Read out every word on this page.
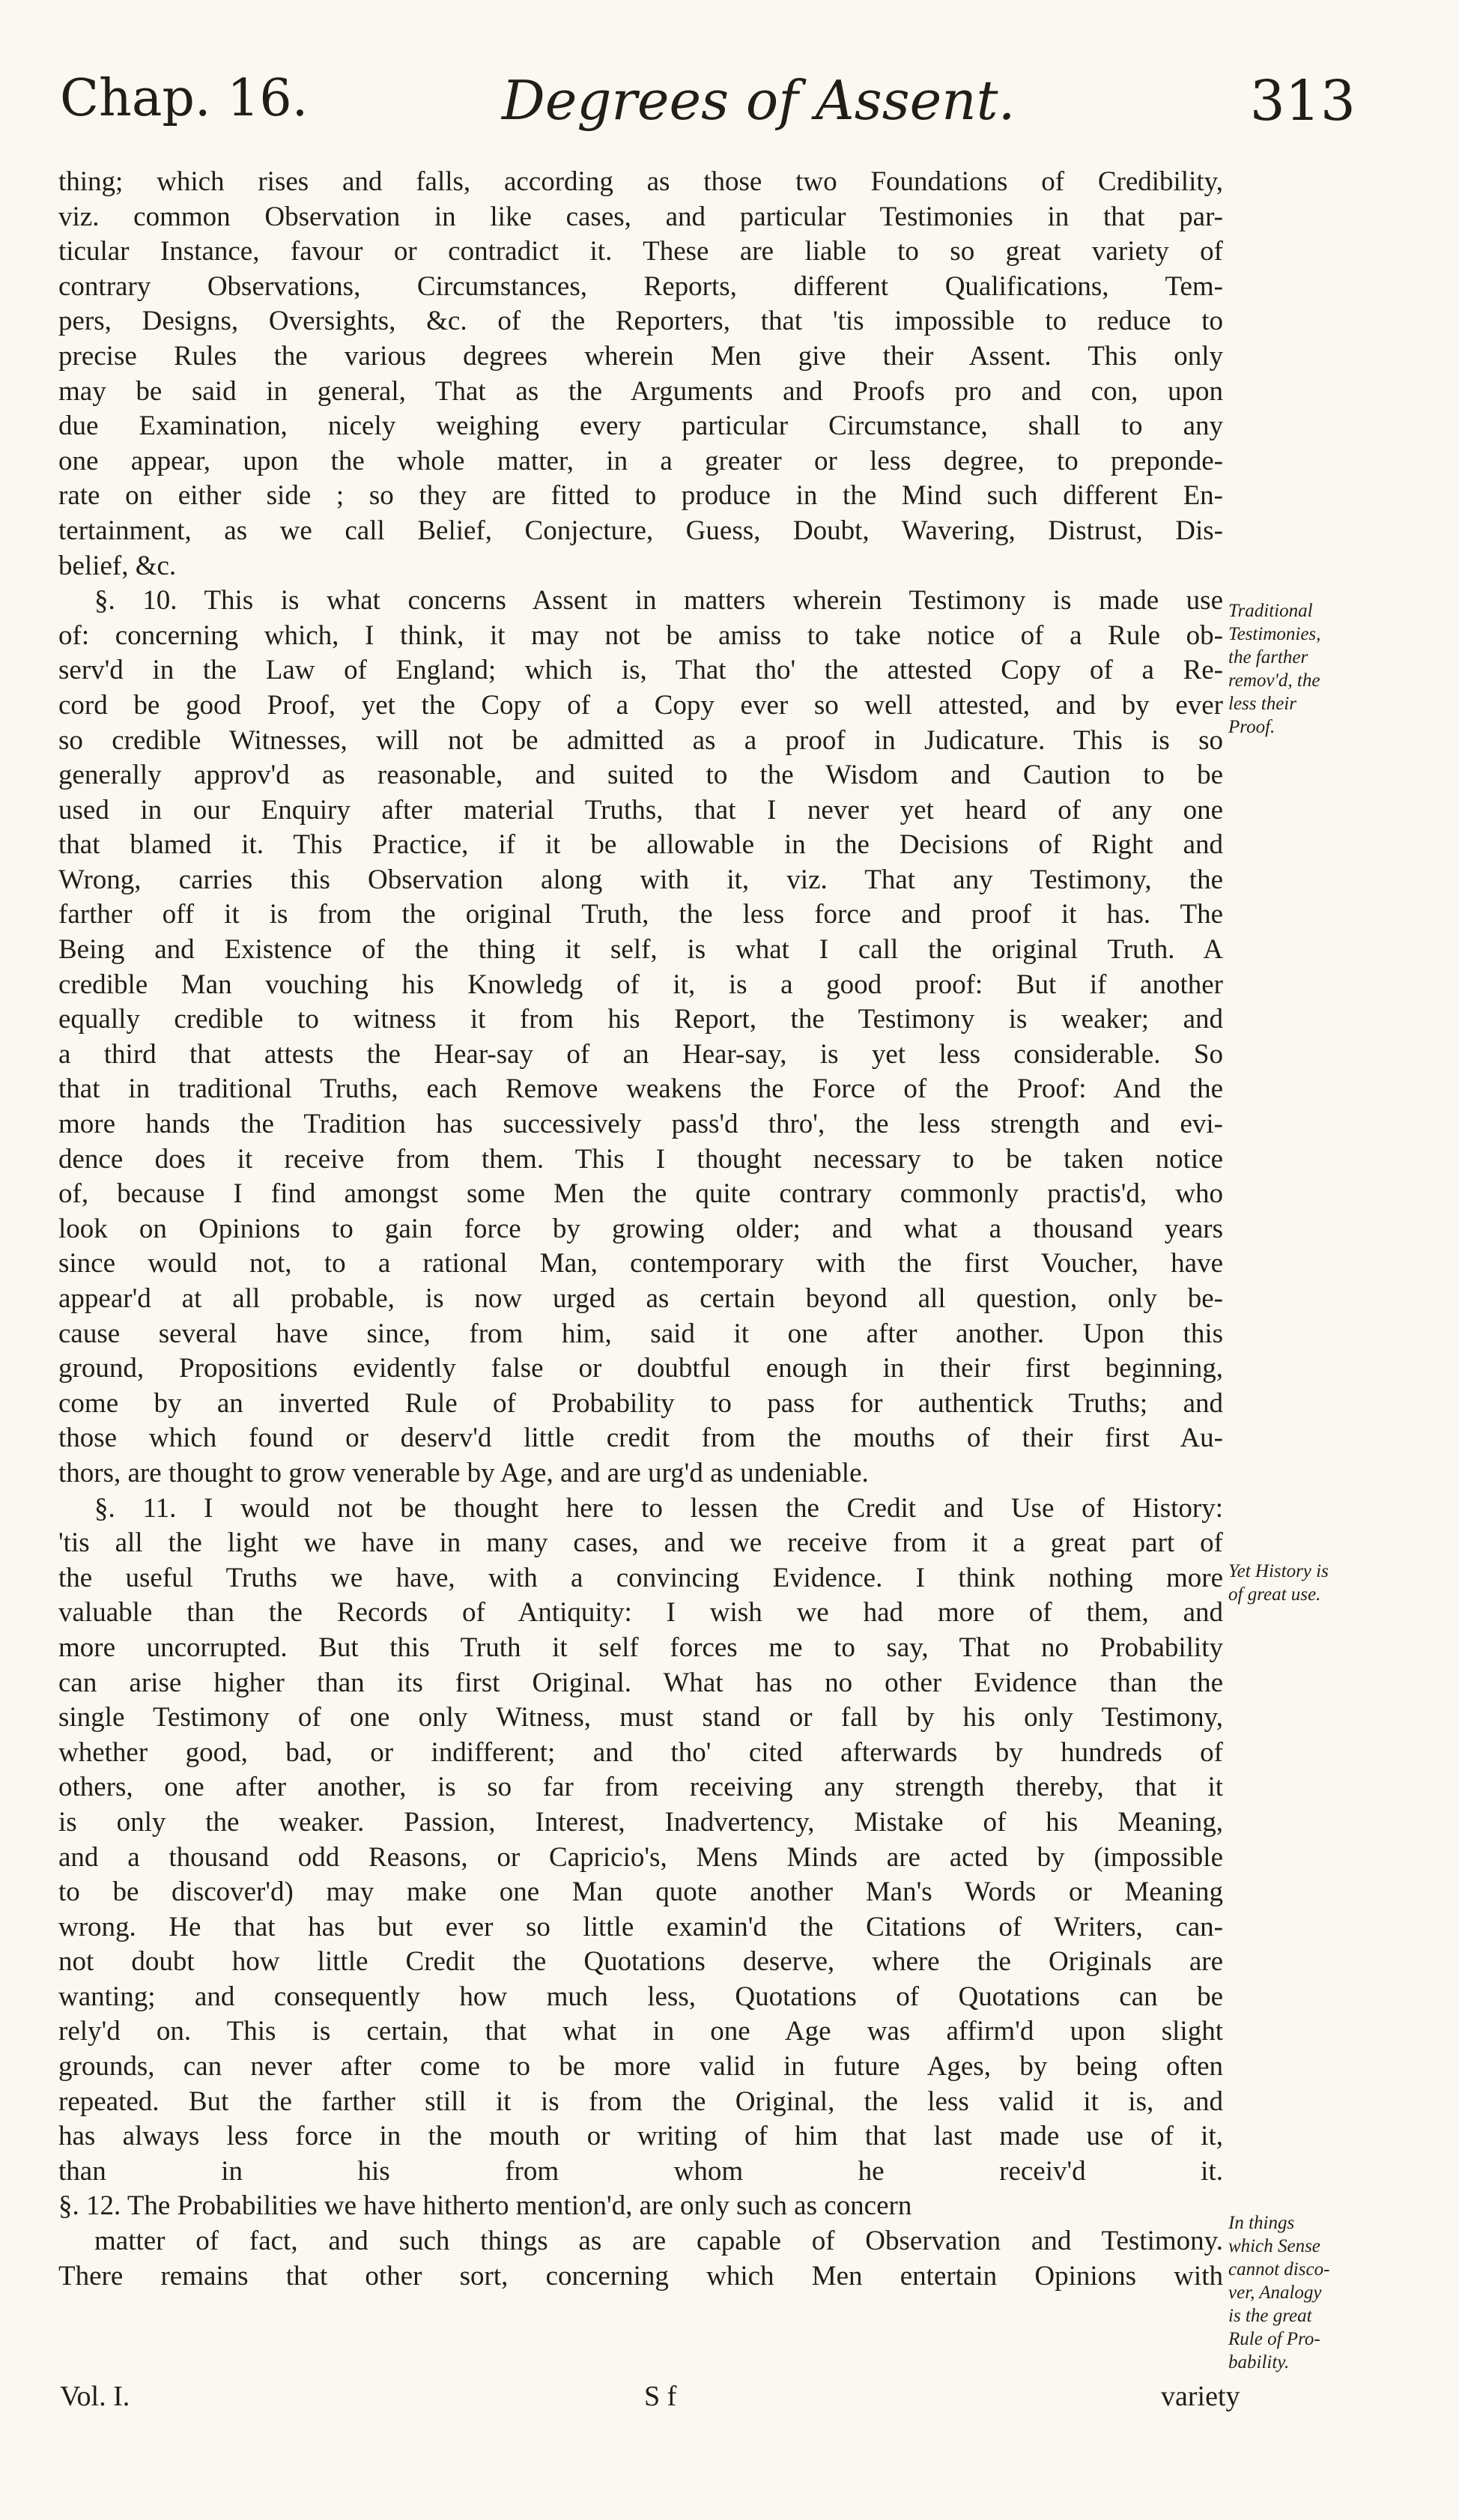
Chap. 16.	Degrees of Assent.	313
thing; which rises and falls, according as those two Foundations of Credibility,
viz. common Observation in like cases, and particular Testimonies in that par-
ticular Instance, favour or contradict it. These are liable to so great variety of
contrary Observations, Circumstances, Reports, different Qualifications, Tem-
pers, Designs, Oversights, &c. of the Reporters, that 'tis impossible to reduce to
precise Rules the various degrees wherein Men give their Assent. This only
may be said in general, That as the Arguments and Proofs pro and con, upon
due Examination, nicely weighing every particular Circumstance, shall to any
one appear, upon the whole matter, in a greater or less degree, to preponde-
rate on either side ; so they are fitted to produce in the Mind such different En-
tertainment, as we call Belief, Conjecture, Guess, Doubt, Wavering, Distrust, Dis-
belief, &c.
§. 10. This is what concerns Assent in matters wherein Testimony is made use
of: concerning which, I think, it may not be amiss to take notice of a Rule ob-
serv'd in the Law of England; which is, That tho' the attested Copy of a Re-
cord be good Proof, yet the Copy of a Copy ever so well attested, and by ever
so credible Witnesses, will not be admitted as a proof in Judicature. This is so
generally approv'd as reasonable, and suited to the Wisdom and Caution to be
used in our Enquiry after material Truths, that I never yet heard of any one
that blamed it. This Practice, if it be allowable in the Decisions of Right and
Wrong, carries this Observation along with it, viz. That any Testimony, the
farther off it is from the original Truth, the less force and proof it has. The
Being and Existence of the thing it self, is what I call the original Truth. A
credible Man vouching his Knowledg of it, is a good proof: But if another
equally credible to witness it from his Report, the Testimony is weaker; and
a third that attests the Hear-say of an Hear-say, is yet less considerable. So
that in traditional Truths, each Remove weakens the Force of the Proof: And the
more hands the Tradition has successively pass'd thro', the less strength and evi-
dence does it receive from them. This I thought necessary to be taken notice
of, because I find amongst some Men the quite contrary commonly practis'd, who
look on Opinions to gain force by growing older; and what a thousand years
since would not, to a rational Man, contemporary with the first Voucher, have
appear'd at all probable, is now urged as certain beyond all question, only be-
cause several have since, from him, said it one after another. Upon this
ground, Propositions evidently false or doubtful enough in their first beginning,
come by an inverted Rule of Probability to pass for authentick Truths; and
those which found or deserv'd little credit from the mouths of their first Au-
thors, are thought to grow venerable by Age, and are urg'd as undeniable.
§. 11. I would not be thought here to lessen the Credit and Use of History:
'tis all the light we have in many cases, and we receive from it a great part of
the useful Truths we have, with a convincing Evidence. I think nothing more
valuable than the Records of Antiquity: I wish we had more of them, and
more uncorrupted. But this Truth it self forces me to say, That no Probability
can arise higher than its first Original. What has no other Evidence than the
single Testimony of one only Witness, must stand or fall by his only Testimony,
whether good, bad, or indifferent; and tho' cited afterwards by hundreds of
others, one after another, is so far from receiving any strength thereby, that it
is only the weaker. Passion, Interest, Inadvertency, Mistake of his Meaning,
and a thousand odd Reasons, or Capricio's, Mens Minds are acted by (impossible
to be discover'd) may make one Man quote another Man's Words or Meaning
wrong. He that has but ever so little examin'd the Citations of Writers, can-
not doubt how little Credit the Quotations deserve, where the Originals are
wanting; and consequently how much less, Quotations of Quotations can be
rely'd on. This is certain, that what in one Age was affirm'd upon slight
grounds, can never after come to be more valid in future Ages, by being often
repeated. But the farther still it is from the Original, the less valid it is, and
has always less force in the mouth or writing of him that last made use of it,
than in his from whom he receiv'd it.
§. 12. The Probabilities we have hitherto mention'd, are only such as concern
matter of fact, and such things as are capable of Observation and Testimony.
There remains that other sort, concerning which Men entertain Opinions with
Traditional
Testimonies,
the farther
remov'd, the
less their
Proof.
Yet History is
of great use.
In things
which Sense
cannot disco-
ver, Analogy
is the great
Rule of Pro-
bability.
Vol. I.	S f	variety
